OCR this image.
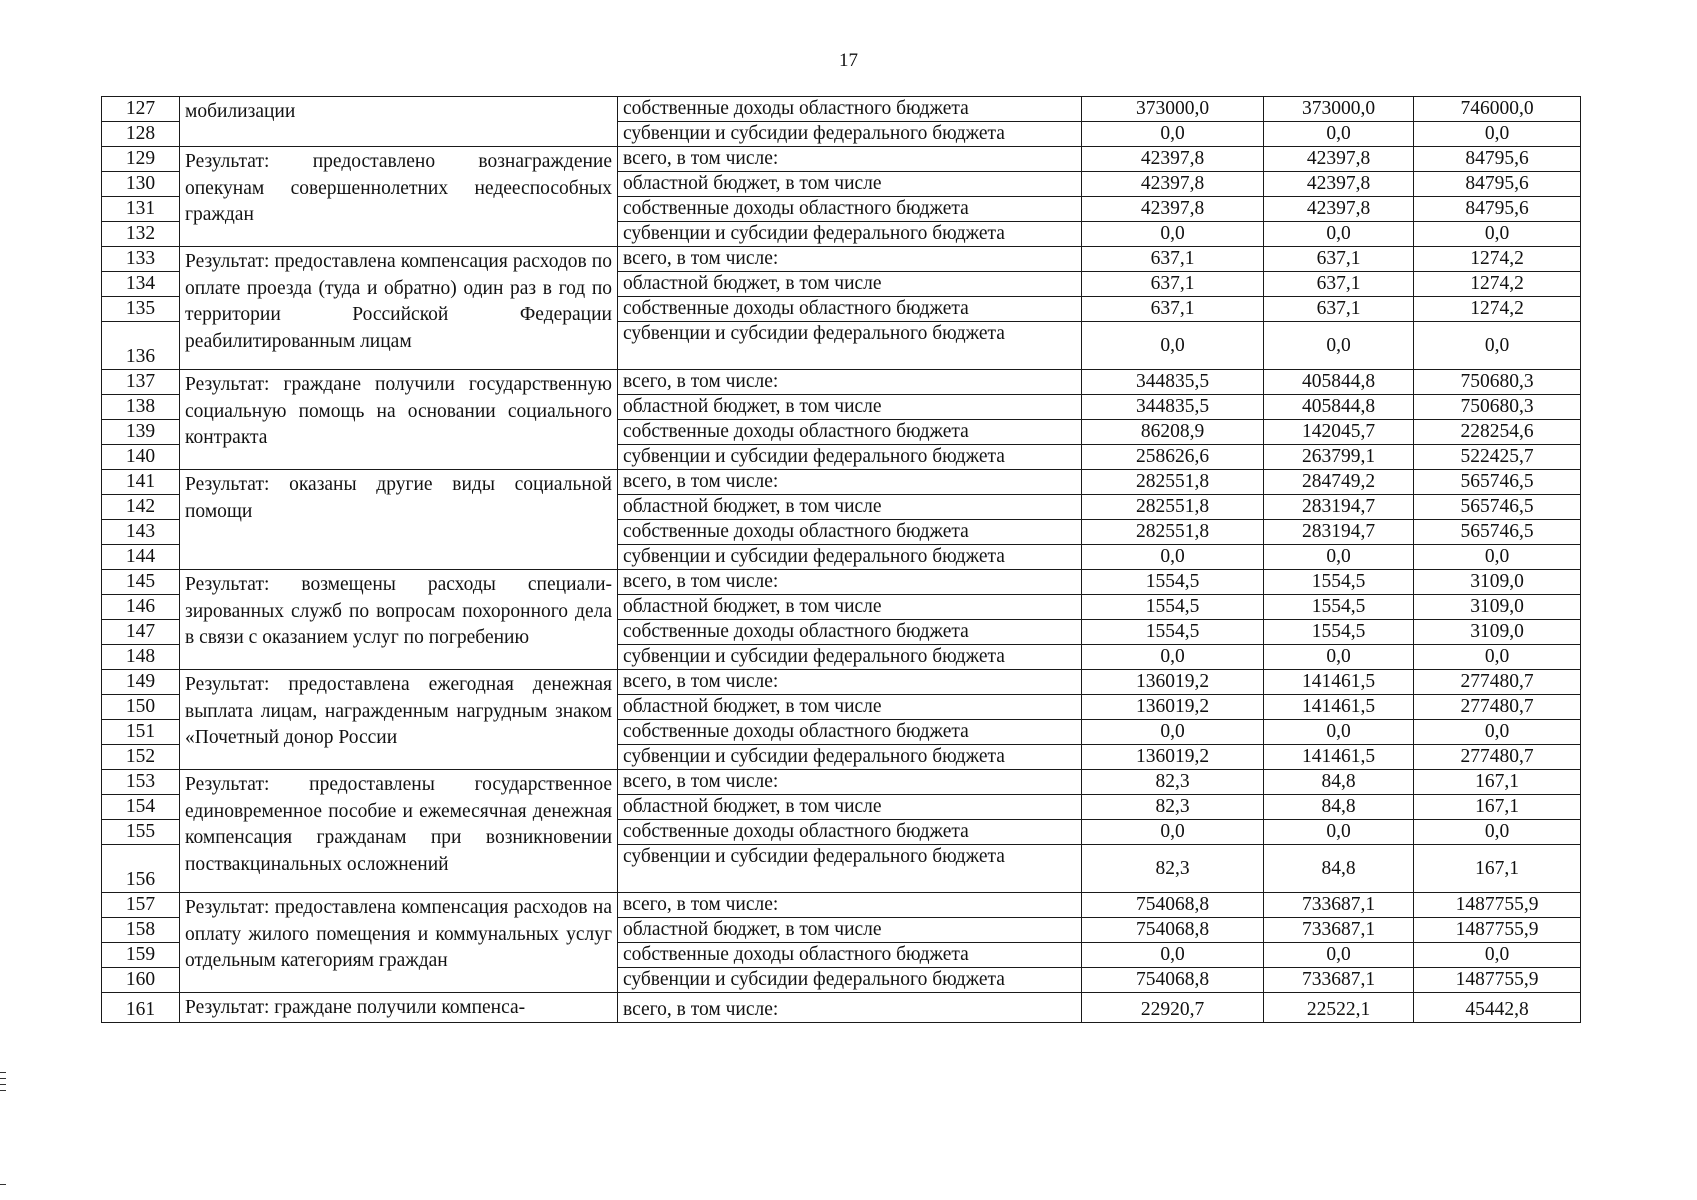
17
127	мобилизации	собственные доходы областного бюджета	373000,0	373000,0	746000,0
128		субвенции и субсидии федерального бюджета	0,0	0,0	0,0
129	Результат: предоставлено вознаграждение опекунам совершеннолетних недееспособных граждан	всего, в том числе:	42397,8	42397,8	84795,6
130		областной бюджет, в том числе	42397,8	42397,8	84795,6
131		собственные доходы областного бюджета	42397,8	42397,8	84795,6
132		субвенции и субсидии федерального бюджета	0,0	0,0	0,0
133	Результат: предоставлена компенсация расходов по оплате проезда (туда и обратно) один раз в год по территории Российской Федерации реабилитированным лицам	всего, в том числе:	637,1	637,1	1274,2
134		областной бюджет, в том числе	637,1	637,1	1274,2
135		собственные доходы областного бюджета	637,1	637,1	1274,2
136		субвенции и субсидии федерального бюджета	0,0	0,0	0,0
137	Результат: граждане получили государственную социальную помощь на основании социального контракта	всего, в том числе:	344835,5	405844,8	750680,3
138		областной бюджет, в том числе	344835,5	405844,8	750680,3
139		собственные доходы областного бюджета	86208,9	142045,7	228254,6
140		субвенции и субсидии федерального бюджета	258626,6	263799,1	522425,7
141	Результат: оказаны другие виды социальной помощи	всего, в том числе:	282551,8	284749,2	565746,5
142		областной бюджет, в том числе	282551,8	283194,7	565746,5
143		собственные доходы областного бюджета	282551,8	283194,7	565746,5
144		субвенции и субсидии федерального бюджета	0,0	0,0	0,0
145	Результат: возмещены расходы специализированных служб по вопросам похоронного дела в связи с оказанием услуг по погребению	всего, в том числе:	1554,5	1554,5	3109,0
146		областной бюджет, в том числе	1554,5	1554,5	3109,0
147		собственные доходы областного бюджета	1554,5	1554,5	3109,0
148		субвенции и субсидии федерального бюджета	0,0	0,0	0,0
149	Результат: предоставлена ежегодная денежная выплата лицам, награжденным нагрудным знаком «Почетный донор России	всего, в том числе:	136019,2	141461,5	277480,7
150		областной бюджет, в том числе	136019,2	141461,5	277480,7
151		собственные доходы областного бюджета	0,0	0,0	0,0
152		субвенции и субсидии федерального бюджета	136019,2	141461,5	277480,7
153	Результат: предоставлены государственное единовременное пособие и ежемесячная денежная компенсация гражданам при возникновении поствакцинальных осложнений	всего, в том числе:	82,3	84,8	167,1
154		областной бюджет, в том числе	82,3	84,8	167,1
155		собственные доходы областного бюджета	0,0	0,0	0,0
156		субвенции и субсидии федерального бюджета	82,3	84,8	167,1
157	Результат: предоставлена компенсация расходов на оплату жилого помещения и коммунальных услуг отдельным категориям граждан	всего, в том числе:	754068,8	733687,1	1487755,9
158		областной бюджет, в том числе	754068,8	733687,1	1487755,9
159		собственные доходы областного бюджета	0,0	0,0	0,0
160		субвенции и субсидии федерального бюджета	754068,8	733687,1	1487755,9
161	Результат: граждане получили компенса-	всего, в том числе:	22920,7	22522,1	45442,8
